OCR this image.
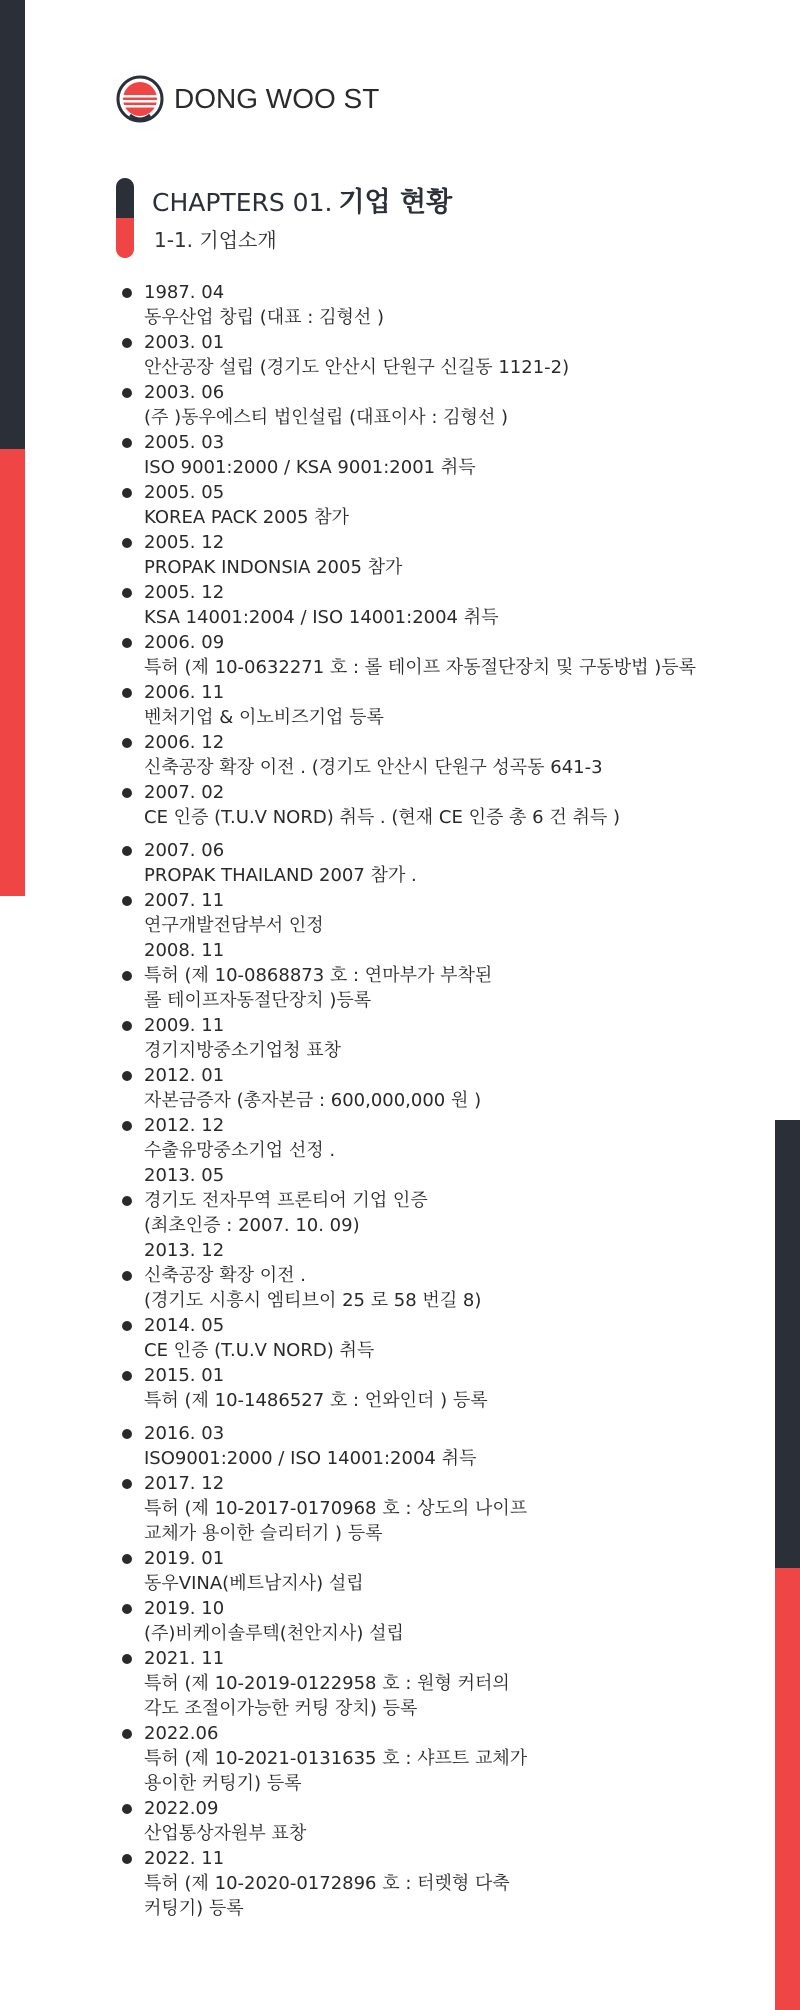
DONG WOO ST
CHAPTERS 01. 기업 현황
1-1. 기업소개
1987. 04
동우산업 창립 (대표 : 김형선 )
2003. 01
안산공장 설립 (경기도 안산시 단원구 신길동 1121-2)
2003. 06
(주 )동우에스티 법인설립 (대표이사 : 김형선 )
2005. 03
ISO 9001:2000 / KSA 9001:2001 취득
2005. 05
KOREA PACK 2005 참가
2005. 12
PROPAK INDONSIA 2005 참가
2005. 12
KSA 14001:2004 / ISO 14001:2004 취득
2006. 09
특허 (제 10-0632271 호 : 롤 테이프 자동절단장치 및 구동방법 )등록
2006. 11
벤처기업 & 이노비즈기업 등록
2006. 12
신축공장 확장 이전 . (경기도 안산시 단원구 성곡동 641-3
2007. 02
CE 인증 (T.U.V NORD) 취득 . (현재 CE 인증 총 6 건 취득 )
2007. 06
PROPAK THAILAND 2007 참가 .
2007. 11
연구개발전담부서 인정
2008. 11
특허 (제 10-0868873 호 : 연마부가 부착된
롤 테이프자동절단장치 )등록
2009. 11
경기지방중소기업청 표창
2012. 01
자본금증자 (총자본금 : 600,000,000 원 )
2012. 12
수출유망중소기업 선정 .
2013. 05
경기도 전자무역 프론티어 기업 인증
(최초인증 : 2007. 10. 09)
2013. 12
신축공장 확장 이전 .
(경기도 시흥시 엠티브이 25 로 58 번길 8)
2014. 05
CE 인증 (T.U.V NORD) 취득
2015. 01
특허 (제 10-1486527 호 : 언와인더 ) 등록
2016. 03
ISO9001:2000 / ISO 14001:2004 취득
2017. 12
특허 (제 10-2017-0170968 호 : 상도의 나이프
교체가 용이한 슬리터기 ) 등록
2019. 01
동우VINA(베트남지사) 설립
2019. 10
(주)비케이솔루텍(천안지사) 설립
2021. 11
특허 (제 10-2019-0122958 호 : 원형 커터의
각도 조절이가능한 커팅 장치) 등록
2022.06
특허 (제 10-2021-0131635 호 : 샤프트 교체가
용이한 커팅기) 등록
2022.09
산업통상자원부 표창
2022. 11
특허 (제 10-2020-0172896 호 : 터렛형 다축
커팅기) 등록
